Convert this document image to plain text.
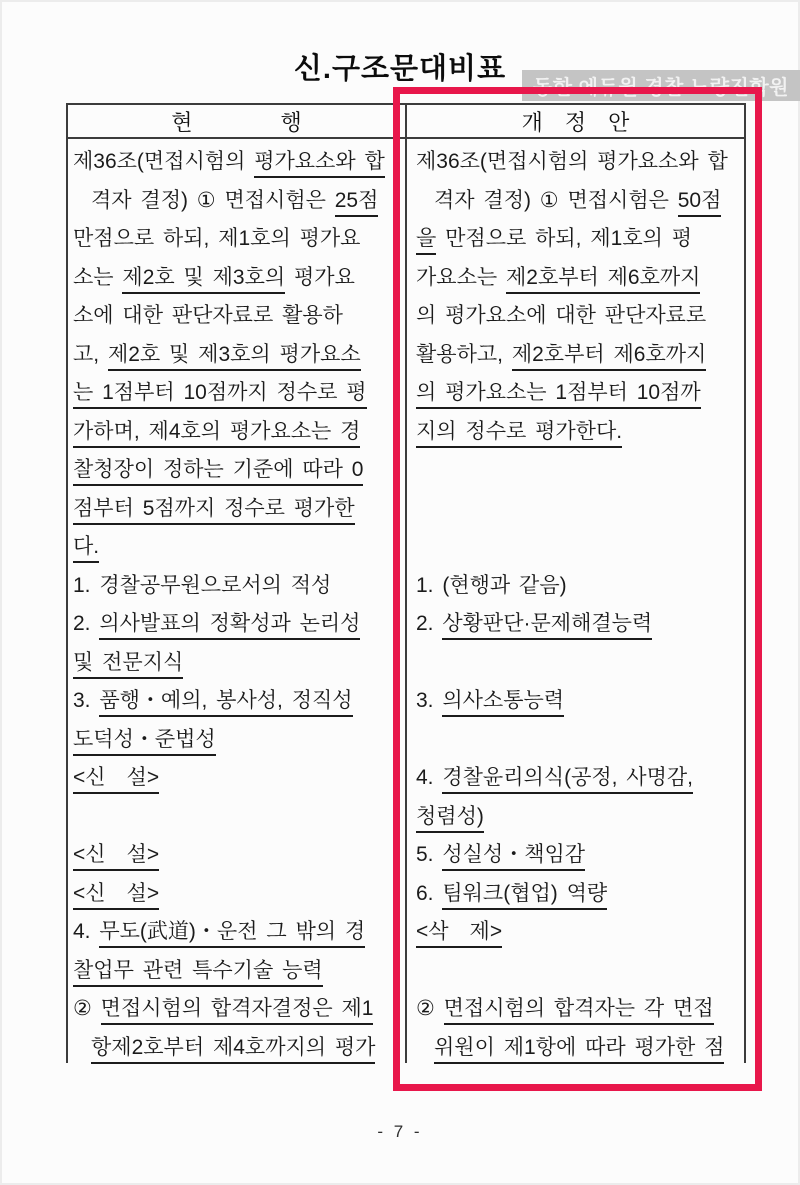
신.구조문대비표
동한 에듀윌 경찰 노량진학원
현　　　　행	개　정　안
제36조(면접시험의 평가요소와 합
격자 결정) ① 면접시험은 25점
만점으로 하되, 제1호의 평가요
소는 제2호 및 제3호의 평가요
소에 대한 판단자료로 활용하
고, 제2호 및 제3호의 평가요소
는 1점부터 10점까지 정수로 평
가하며, 제4호의 평가요소는 경
찰청장이 정하는 기준에 따라 0
점부터 5점까지 정수로 평가한
다.
1. 경찰공무원으로서의 적성
2. 의사발표의 정확성과 논리성
및 전문지식
3. 품행・예의, 봉사성, 정직성
도덕성・준법성
<신　설>
<신　설>
<신　설>
4. 무도(武道)・운전 그 밖의 경
찰업무 관련 특수기술 능력
② 면접시험의 합격자결정은 제1
항제2호부터 제4호까지의 평가
제36조(면접시험의 평가요소와 합
격자 결정) ① 면접시험은 50점
을 만점으로 하되, 제1호의 평
가요소는 제2호부터 제6호까지
의 평가요소에 대한 판단자료로
활용하고, 제2호부터 제6호까지
의 평가요소는 1점부터 10점까
지의 정수로 평가한다.
1. (현행과 같음)
2. 상황판단·문제해결능력
3. 의사소통능력
4. 경찰윤리의식(공정, 사명감,
청렴성)
5. 성실성・책임감
6. 팀워크(협업) 역량
<삭　제>
② 면접시험의 합격자는 각 면접
위원이 제1항에 따라 평가한 점
- 7 -
